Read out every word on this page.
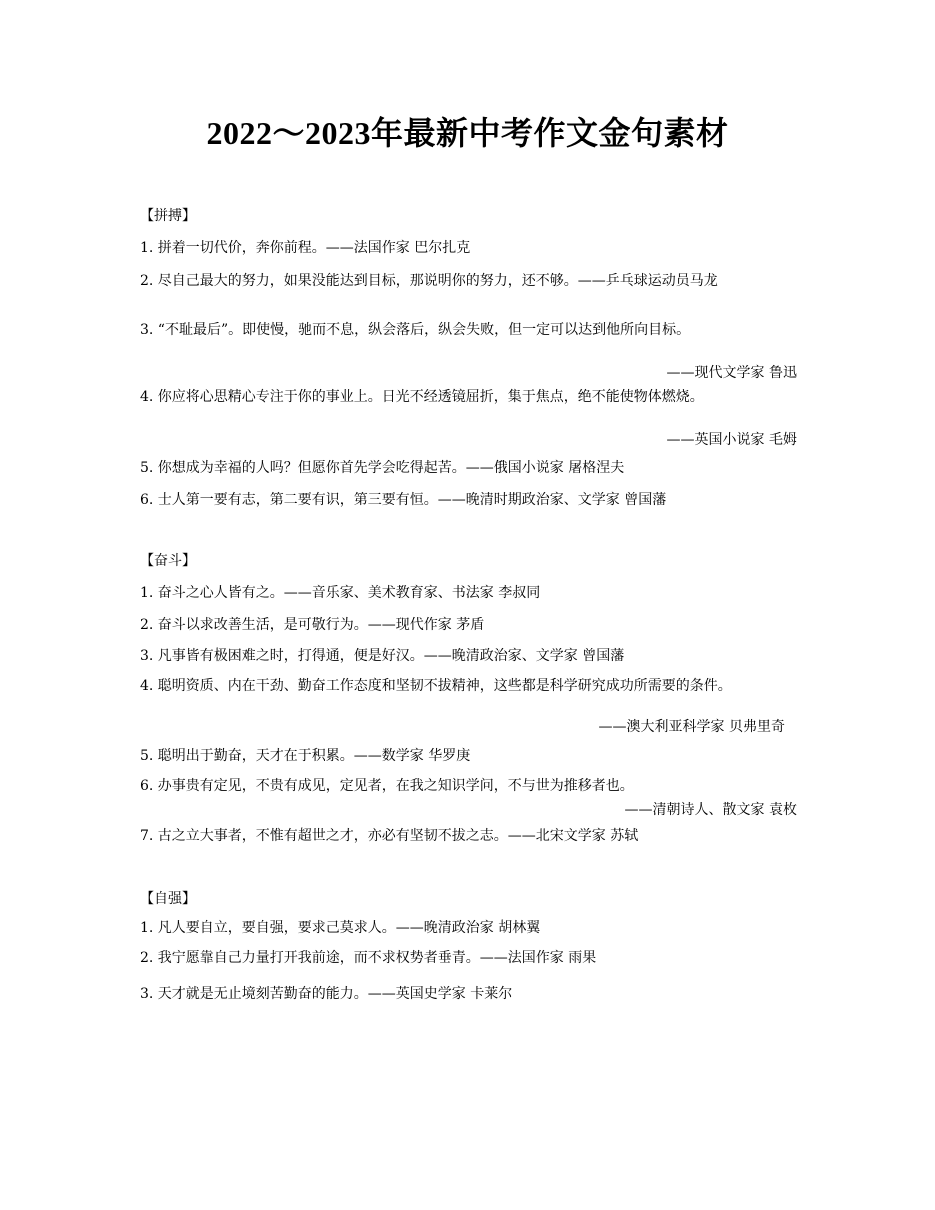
2022～2023年最新中考作文金句素材
【拼搏】
1. 拼着一切代价，奔你前程。——法国作家 巴尔扎克
2. 尽自己最大的努力，如果没能达到目标，那说明你的努力，还不够。——乒乓球运动员马龙
3. “不耻最后”。即使慢，驰而不息，纵会落后，纵会失败，但一定可以达到他所向目标。
——现代文学家 鲁迅
4. 你应将心思精心专注于你的事业上。日光不经透镜屈折，集于焦点，绝不能使物体燃烧。
——英国小说家 毛姆
5. 你想成为幸福的人吗？但愿你首先学会吃得起苦。——俄国小说家 屠格涅夫
6. 士人第一要有志，第二要有识，第三要有恒。——晚清时期政治家、文学家 曾国藩
【奋斗】
1. 奋斗之心人皆有之。——音乐家、美术教育家、书法家 李叔同
2. 奋斗以求改善生活，是可敬行为。——现代作家 茅盾
3. 凡事皆有极困难之时，打得通，便是好汉。——晚清政治家、文学家 曾国藩
4. 聪明资质、内在干劲、勤奋工作态度和坚韧不拔精神，这些都是科学研究成功所需要的条件。
——澳大利亚科学家 贝弗里奇
5. 聪明出于勤奋，天才在于积累。——数学家 华罗庚
6. 办事贵有定见，不贵有成见，定见者，在我之知识学问，不与世为推移者也。
——清朝诗人、散文家 袁枚
7. 古之立大事者，不惟有超世之才，亦必有坚韧不拔之志。——北宋文学家 苏轼
【自强】
1. 凡人要自立，要自强，要求己莫求人。——晚清政治家 胡林翼
2. 我宁愿靠自己力量打开我前途，而不求权势者垂青。——法国作家 雨果
3. 天才就是无止境刻苦勤奋的能力。——英国史学家 卡莱尔
